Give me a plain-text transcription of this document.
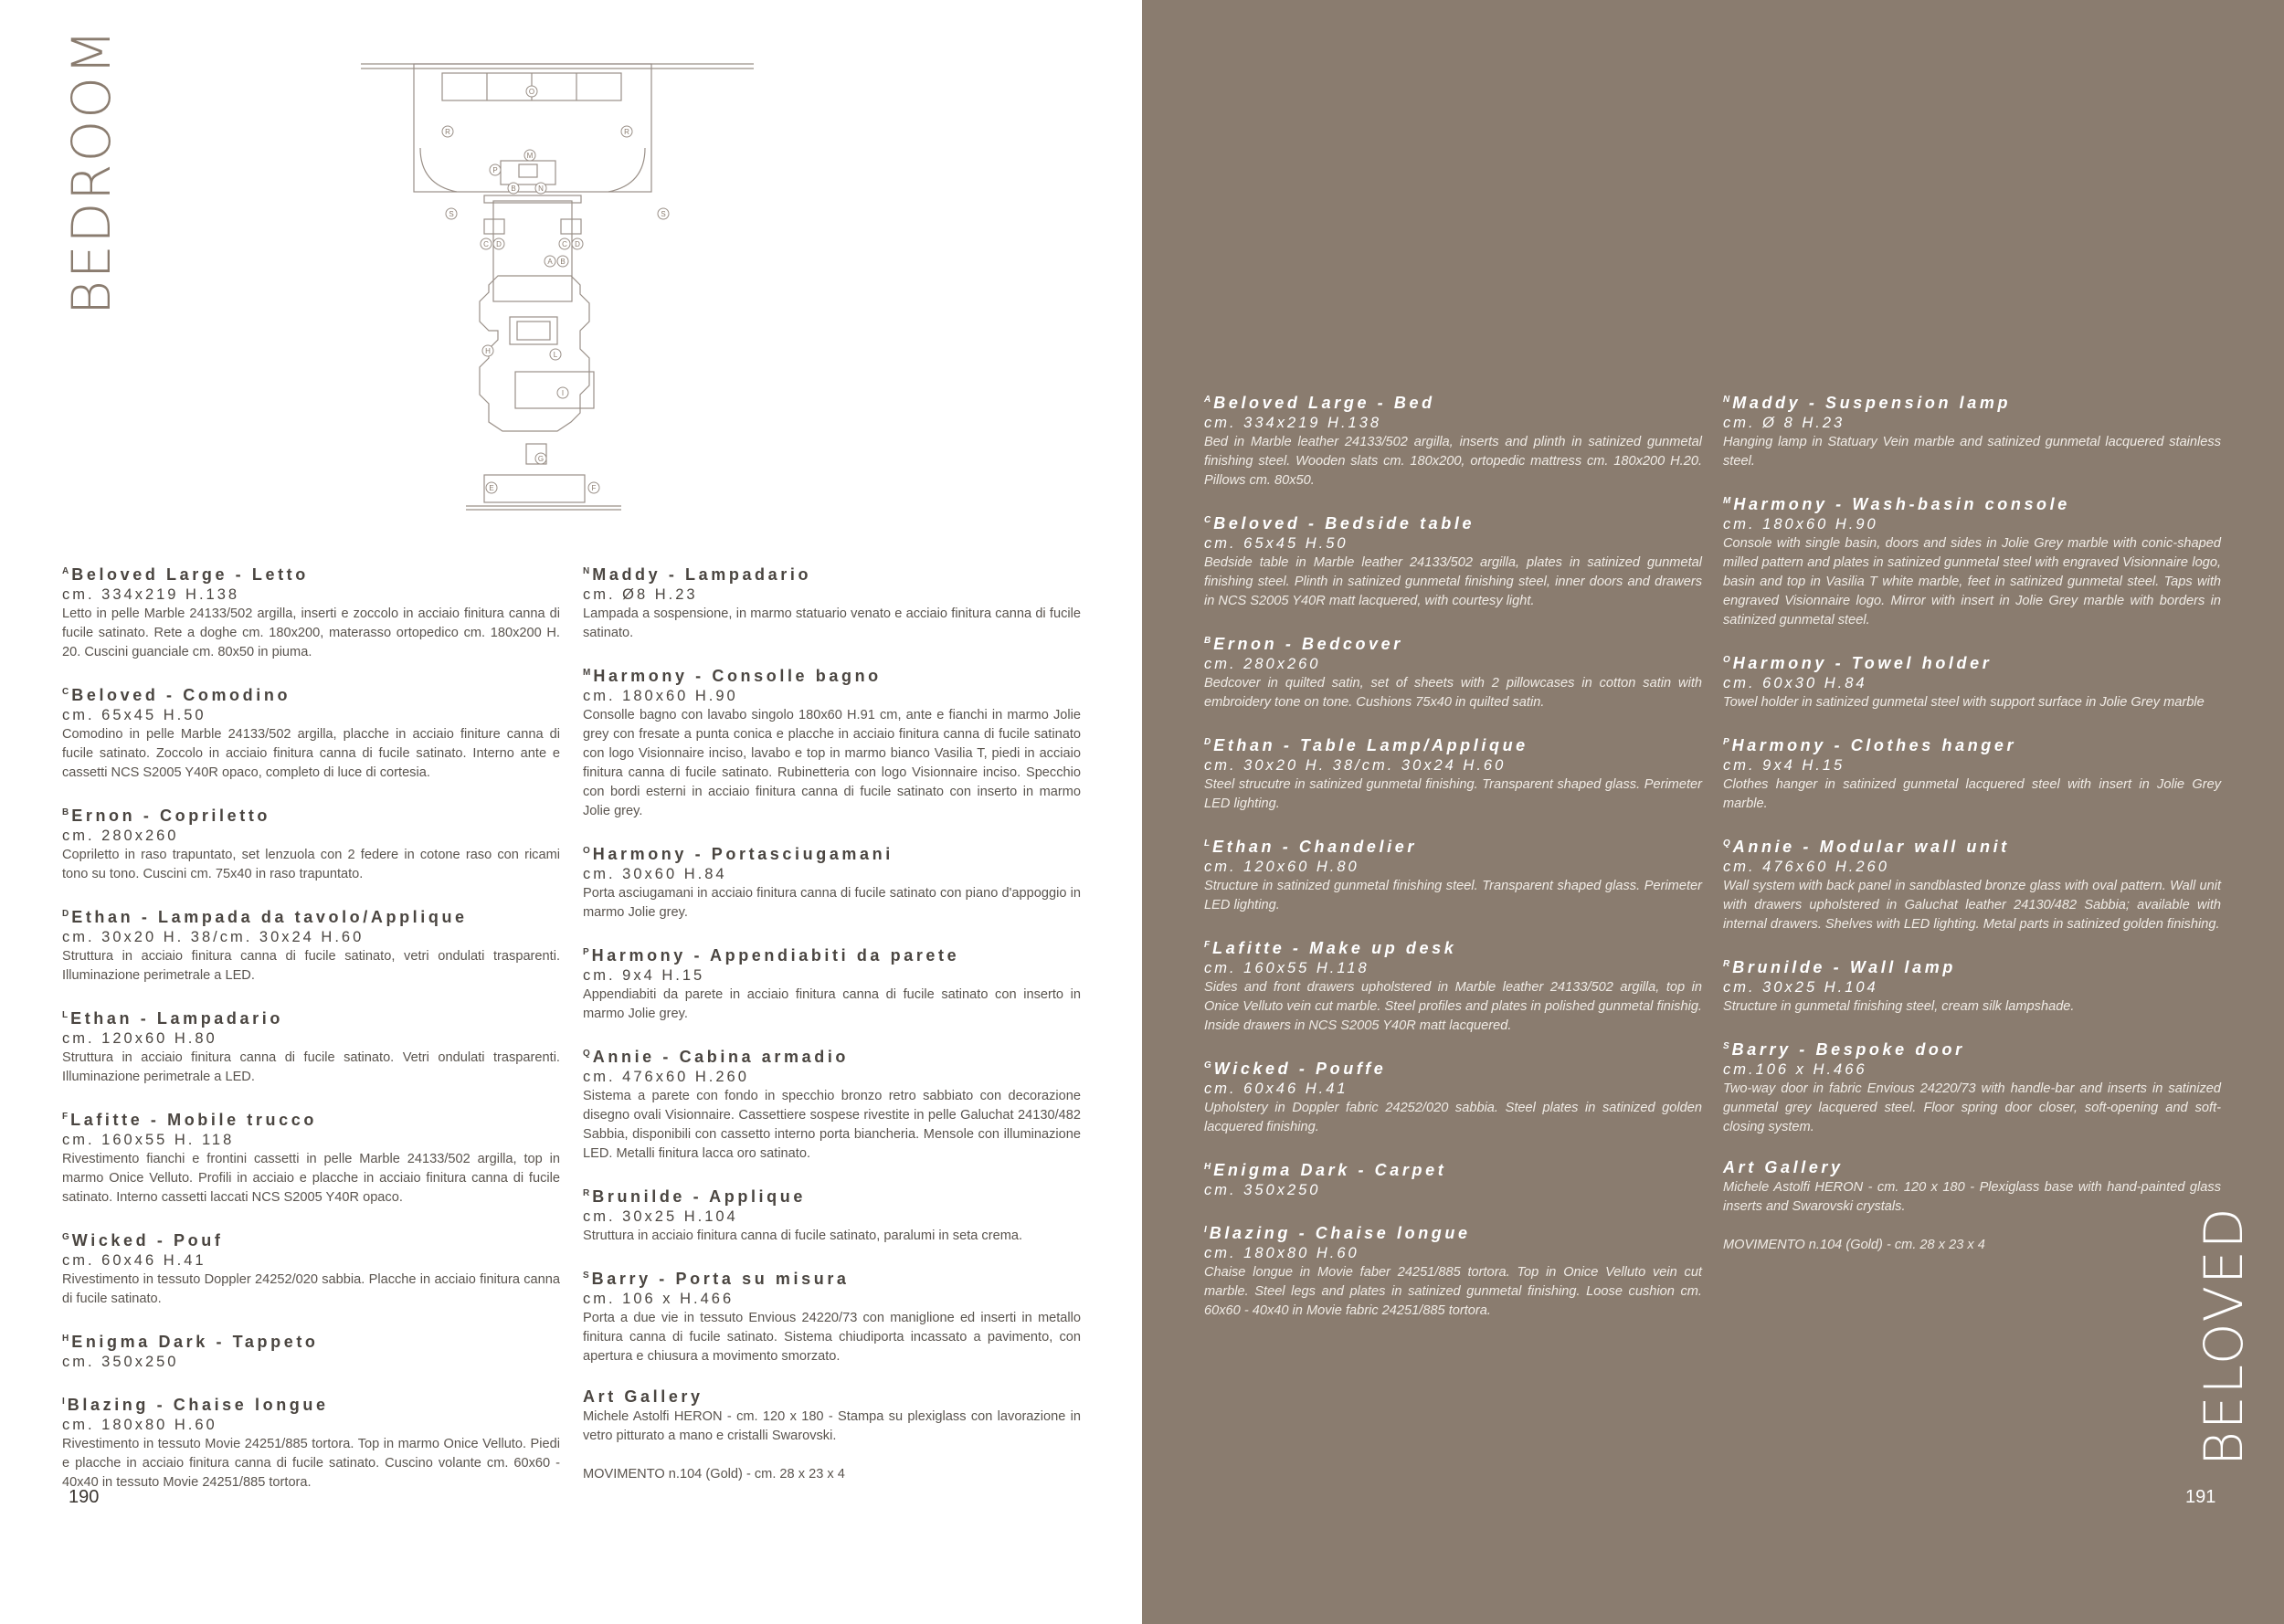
BEDROOM
BELOVED
O
R	R
M
P
N
B
S	S
C D	C D
A B
H	L
I
G
E	F
$^A$ Beloved Large - Letto
cm. 334x219 H.138
Letto in pelle Marble 24133/502 argilla, inserti e zoccolo in acciaio finitura canna di fucile satinato. Rete a doghe cm. 180x200, materasso ortopedico cm. 180x200 H. 20. Cuscini guanciale cm. 80x50 in piuma.
$^C$ Beloved - Comodino
cm. 65x45 H.50
Comodino in pelle Marble 24133/502 argilla, placche in acciaio finiture canna di fucile satinato. Zoccolo in acciaio finitura canna di fucile satinato. Interno ante e cassetti NCS S2005 Y40R opaco, completo di luce di cortesia.
$^B$ Ernon - Copriletto
cm. 280x260
Copriletto in raso trapuntato, set lenzuola con 2 federe in cotone raso con ricami tono su tono. Cuscini cm. 75x40 in raso trapuntato.
$^D$ Ethan - Lampada da tavolo/Applique
cm. 30x20 H. 38/cm. 30x24 H.60
Struttura in acciaio finitura canna di fucile satinato, vetri ondulati trasparenti. Illuminazione perimetrale a LED.
$^L$ Ethan - Lampadario
cm. 120x60 H.80
Struttura in acciaio finitura canna di fucile satinato. Vetri ondulati trasparenti. Illuminazione perimetrale a LED.
$^F$ Lafitte - Mobile trucco
cm. 160x55 H. 118
Rivestimento fianchi e frontini cassetti in pelle Marble 24133/502 argilla, top in marmo Onice Velluto. Profili in acciaio e placche in acciaio finitura canna di fucile satinato. Interno cassetti laccati NCS S2005 Y40R opaco.
$^G$ Wicked - Pouf
cm. 60x46 H.41
Rivestimento in tessuto Doppler 24252/020 sabbia. Placche in acciaio finitura canna di fucile satinato.
$^H$ Enigma Dark - Tappeto
cm. 350x250
$^I$ Blazing - Chaise longue
cm. 180x80 H.60
Rivestimento in tessuto Movie 24251/885 tortora. Top in marmo Onice Velluto. Piedi e placche in acciaio finitura canna di fucile satinato. Cuscino volante cm. 60x60 - 40x40 in tessuto Movie 24251/885 tortora.
$^N$ Maddy - Lampadario
cm. Ø8 H.23
Lampada a sospensione, in marmo statuario venato e acciaio finitura canna di fucile satinato.
$^M$ Harmony - Consolle bagno
cm. 180x60 H.90
Consolle bagno con lavabo singolo 180x60 H.91 cm, ante e fianchi in marmo Jolie grey con fresate a punta conica e placche in acciaio finitura canna di fucile satinato con logo Visionnaire inciso, lavabo e top in marmo bianco Vasilia T, piedi in acciaio finitura canna di fucile satinato. Rubinetteria con logo Visionnaire inciso. Specchio con bordi esterni in acciaio finitura canna di fucile satinato con inserto in marmo Jolie grey.
$^O$ Harmony - Portasciugamani
cm. 30x60 H.84
Porta asciugamani in acciaio finitura canna di fucile satinato con piano d'appoggio in marmo Jolie grey.
$^P$ Harmony - Appendiabiti da parete
cm. 9x4 H.15
Appendiabiti da parete in acciaio finitura canna di fucile satinato con inserto in marmo Jolie grey.
$^Q$ Annie - Cabina armadio
cm. 476x60 H.260
Sistema a parete con fondo in specchio bronzo retro sabbiato con decorazione disegno ovali Visionnaire. Cassettiere sospese rivestite in pelle Galuchat 24130/482 Sabbia, disponibili con cassetto interno porta biancheria. Mensole con illuminazione LED. Metalli finitura lacca oro satinato.
$^R$ Brunilde - Applique
cm. 30x25 H.104
Struttura in acciaio finitura canna di fucile satinato, paralumi in seta crema.
$^S$ Barry - Porta su misura
cm. 106 x H.466
Porta a due vie in tessuto Envious 24220/73 con maniglione ed inserti in metallo finitura canna di fucile satinato. Sistema chiudiporta incassato a pavimento, con apertura e chiusura a movimento smorzato.
Art Gallery
Michele Astolfi HERON - cm. 120 x 180 - Stampa su plexiglass con lavorazione in vetro pitturato a mano e cristalli Swarovski.
MOVIMENTO n.104 (Gold) - cm. 28 x 23 x 4
$^A$ Beloved Large - Bed
cm. 334x219 H.138
Bed in Marble leather 24133/502 argilla, inserts and plinth in satinized gunmetal finishing steel. Wooden slats cm. 180x200, ortopedic mattress cm. 180x200 H.20. Pillows cm. 80x50.
$^C$ Beloved - Bedside table
cm. 65x45 H.50
Bedside table in Marble leather 24133/502 argilla, plates in satinized gunmetal finishing steel. Plinth in satinized gunmetal finishing steel, inner doors and drawers in NCS S2005 Y40R matt lacquered, with courtesy light.
$^B$ Ernon - Bedcover
cm. 280x260
Bedcover in quilted satin, set of sheets with 2 pillowcases in cotton satin with embroidery tone on tone. Cushions 75x40 in quilted satin.
$^D$ Ethan - Table Lamp/Applique
cm. 30x20 H. 38/cm. 30x24 H.60
Steel strucutre in satinized gunmetal finishing. Transparent shaped glass. Perimeter LED lighting.
$^L$ Ethan - Chandelier
cm. 120x60 H.80
Structure in satinized gunmetal finishing steel. Transparent shaped glass. Perimeter LED lighting.
$^F$ Lafitte - Make up desk
cm. 160x55 H.118
Sides and front drawers upholstered in Marble leather 24133/502 argilla, top in Onice Velluto vein cut marble. Steel profiles and plates in polished gunmetal finishig. Inside drawers in NCS S2005 Y40R matt lacquered.
$^G$ Wicked - Pouffe
cm. 60x46 H.41
Upholstery in Doppler fabric 24252/020 sabbia. Steel plates in satinized golden lacquered finishing.
$^H$ Enigma Dark - Carpet
cm. 350x250
$^I$ Blazing - Chaise longue
cm. 180x80 H.60
Chaise longue in Movie faber 24251/885 tortora. Top in Onice Velluto vein cut marble. Steel legs and plates in satinized gunmetal finishing. Loose cushion cm. 60x60 - 40x40 in Movie fabric 24251/885 tortora.
$^N$ Maddy - Suspension lamp
cm. Ø 8 H.23
Hanging lamp in Statuary Vein marble and satinized gunmetal lacquered stainless steel.
$^M$ Harmony - Wash-basin console
cm. 180x60 H.90
Console with single basin, doors and sides in Jolie Grey marble with conic-shaped milled pattern and plates in satinized gunmetal steel with engraved Visionnaire logo, basin and top in Vasilia T white marble, feet in satinized gunmetal steel. Taps with engraved Visionnaire logo. Mirror with insert in Jolie Grey marble with borders in satinized gunmetal steel.
$^O$ Harmony - Towel holder
cm. 60x30 H.84
Towel holder in satinized gunmetal steel with support surface in Jolie Grey marble
$^P$ Harmony - Clothes hanger
cm. 9x4 H.15
Clothes hanger in satinized gunmetal lacquered steel with insert in Jolie Grey marble.
$^Q$ Annie - Modular wall unit
cm. 476x60 H.260
Wall system with back panel in sandblasted bronze glass with oval pattern. Wall unit with drawers upholstered in Galuchat leather 24130/482 Sabbia; available with internal drawers. Shelves with LED lighting. Metal parts in satinized golden finishing.
$^R$ Brunilde - Wall lamp
cm. 30x25 H.104
Structure in gunmetal finishing steel, cream silk lampshade.
$^S$ Barry - Bespoke door
cm.106 x H.466
Two-way door in fabric Envious 24220/73 with handle-bar and inserts in satinized gunmetal grey lacquered steel. Floor spring door closer, soft-opening and soft-closing system.
Art Gallery
Michele Astolfi HERON - cm. 120 x 180 - Plexiglass base with hand-painted glass inserts and Swarovski crystals.
MOVIMENTO n.104 (Gold) - cm. 28 x 23 x 4
190	191
